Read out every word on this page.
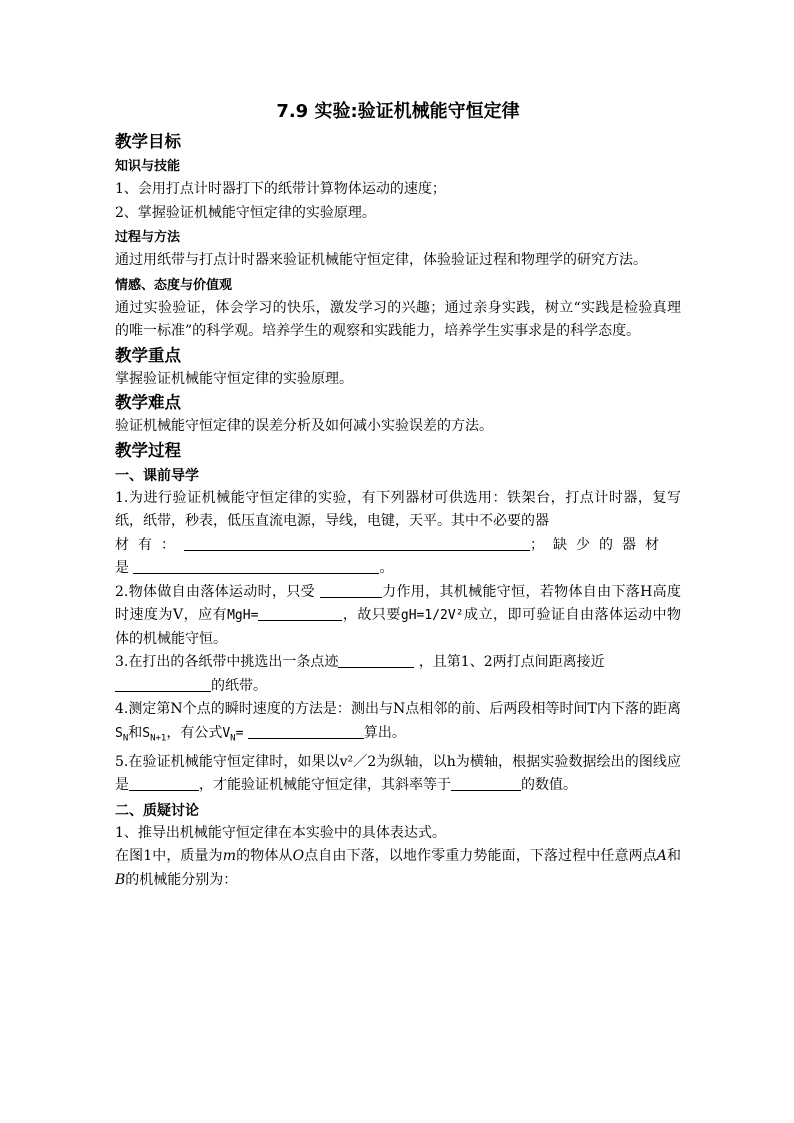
7.9 实验:验证机械能守恒定律
教学目标
知识与技能

1、会用打点计时器打下的纸带计算物体运动的速度；

2、掌握验证机械能守恒定律的实验原理。

过程与方法

通过用纸带与打点计时器来验证机械能守恒定律，体验验证过程和物理学的研究方法。

情感、态度与价值观

通过实验验证，体会学习的快乐，激发学习的兴趣；通过亲身实践，树立“实践是检验真理的唯一标准”的科学观。培养学生的观察和实践能力，培养学生实事求是的科学态度。

教学重点

掌握验证机械能守恒定律的实验原理。

教学难点

验证机械能守恒定律的误差分析及如何减小实验误差的方法。

教学过程
一、课前导学

1.为进行验证机械能守恒定律的实验，有下列器材可供选用：铁架台，打点计时器，复写纸，纸带，秒表，低压直流电源，导线，电键，天平。其中不必要的器

材有：	；缺少的器材

是	。

2.物体做自由落体运动时，只受	力作用，其机械能守恒，若物体自由下落H高度时速度为V，应有MgH=	，故只要gH=1/2V²成立，即可验证自由落体运动中物体的机械能守恒。

3.在打出的各纸带中挑选出一条点迹	，且第1、2两打点间距离接近
的纸带。

4.测定第N个点的瞬时速度的方法是：测出与N点相邻的前、后两段相等时间T内下落的距离$S_N$和$S_{N+1}$，有公式$V_N=$	算出。

5.在验证机械能守恒定律时，如果以v²／2为纵轴，以h为横轴，根据实验数据绘出的图线应是	，才能验证机械能守恒定律，其斜率等于	的数值。

二、质疑讨论

1、推导出机械能守恒定律在本实验中的具体表达式。

在图1中，质量为m的物体从O点自由下落，以地作零重力势能面，下落过程中任意两点A和B的机械能分别为：
